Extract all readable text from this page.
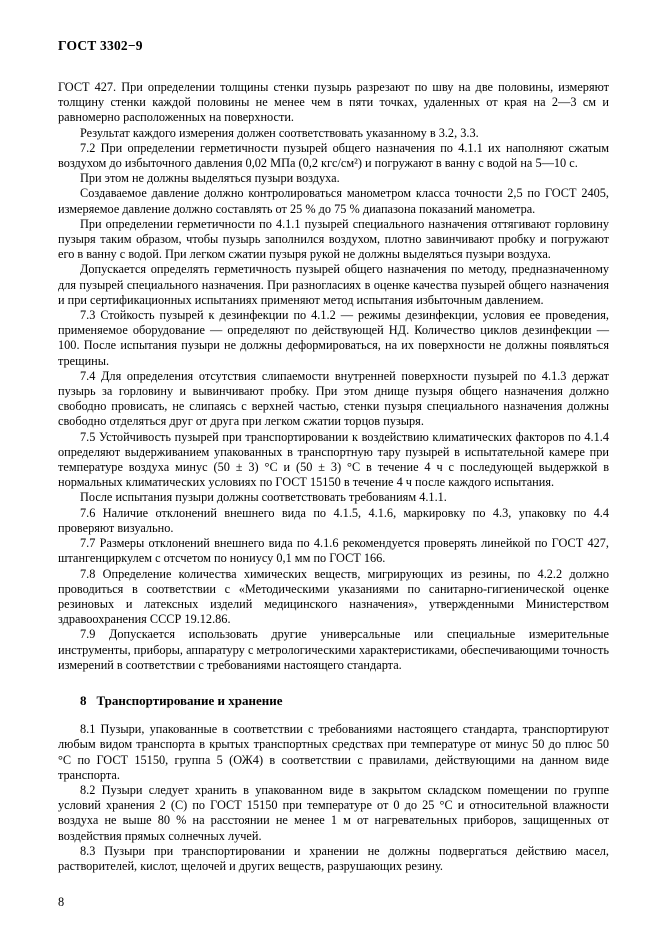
ГОСТ 3302−9

ГОСТ 427. При определении толщины стенки пузырь разрезают по шву на две половины, измеряют толщину стенки каждой половины не менее чем в пяти точках, удаленных от края на 2—3 см и равномерно расположенных на поверхности.

Результат каждого измерения должен соответствовать указанному в 3.2, 3.3.

7.2 При определении герметичности пузырей общего назначения по 4.1.1 их наполняют сжатым воздухом до избыточного давления 0,02 МПа (0,2 кгс/см²) и погружают в ванну с водой на 5—10 с.

При этом не должны выделяться пузыри воздуха.

Создаваемое давление должно контролироваться манометром класса точности 2,5 по ГОСТ 2405, измеряемое давление должно составлять от 25 % до 75 % диапазона показаний манометра.

При определении герметичности по 4.1.1 пузырей специального назначения оттягивают горловину пузыря таким образом, чтобы пузырь заполнился воздухом, плотно завинчивают пробку и погружают его в ванну с водой. При легком сжатии пузыря рукой не должны выделяться пузыри воздуха.

Допускается определять герметичность пузырей общего назначения по методу, предназначенному для пузырей специального назначения. При разногласиях в оценке качества пузырей общего назначения и при сертификационных испытаниях применяют метод испытания избыточным давлением.

7.3 Стойкость пузырей к дезинфекции по 4.1.2 — режимы дезинфекции, условия ее проведения, применяемое оборудование — определяют по действующей НД. Количество циклов дезинфекции — 100. После испытания пузыри не должны деформироваться, на их поверхности не должны появляться трещины.

7.4 Для определения отсутствия слипаемости внутренней поверхности пузырей по 4.1.3 держат пузырь за горловину и вывинчивают пробку. При этом днище пузыря общего назначения должно свободно провисать, не слипаясь с верхней частью, стенки пузыря специального назначения должны свободно отделяться друг от друга при легком сжатии торцов пузыря.

7.5 Устойчивость пузырей при транспортировании к воздействию климатических факторов по 4.1.4 определяют выдерживанием упакованных в транспортную тару пузырей в испытательной камере при температуре воздуха минус (50 ± 3) °С и (50 ± 3) °С в течение 4 ч с последующей выдержкой в нормальных климатических условиях по ГОСТ 15150 в течение 4 ч после каждого испытания.

После испытания пузыри должны соответствовать требованиям 4.1.1.

7.6 Наличие отклонений внешнего вида по 4.1.5, 4.1.6, маркировку по 4.3, упаковку по 4.4 проверяют визуально.

7.7 Размеры отклонений внешнего вида по 4.1.6 рекомендуется проверять линейкой по ГОСТ 427, штангенциркулем с отсчетом по нониусу 0,1 мм по ГОСТ 166.

7.8 Определение количества химических веществ, мигрирующих из резины, по 4.2.2 должно проводиться в соответствии с «Методическими указаниями по санитарно-гигиенической оценке резиновых и латексных изделий медицинского назначения», утвержденными Министерством здравоохранения СССР 19.12.86.

7.9 Допускается использовать другие универсальные или специальные измерительные инструменты, приборы, аппаратуру с метрологическими характеристиками, обеспечивающими точность измерений в соответствии с требованиями настоящего стандарта.

8 Транспортирование и хранение

8.1 Пузыри, упакованные в соответствии с требованиями настоящего стандарта, транспортируют любым видом транспорта в крытых транспортных средствах при температуре от минус 50 до плюс 50 °С по ГОСТ 15150, группа 5 (ОЖ4) в соответствии с правилами, действующими на данном виде транспорта.

8.2 Пузыри следует хранить в упакованном виде в закрытом складском помещении по группе условий хранения 2 (С) по ГОСТ 15150 при температуре от 0 до 25 °С и относительной влажности воздуха не выше 80 % на расстоянии не менее 1 м от нагревательных приборов, защищенных от воздействия прямых солнечных лучей.

8.3 Пузыри при транспортировании и хранении не должны подвергаться действию масел, растворителей, кислот, щелочей и других веществ, разрушающих резину.

8
